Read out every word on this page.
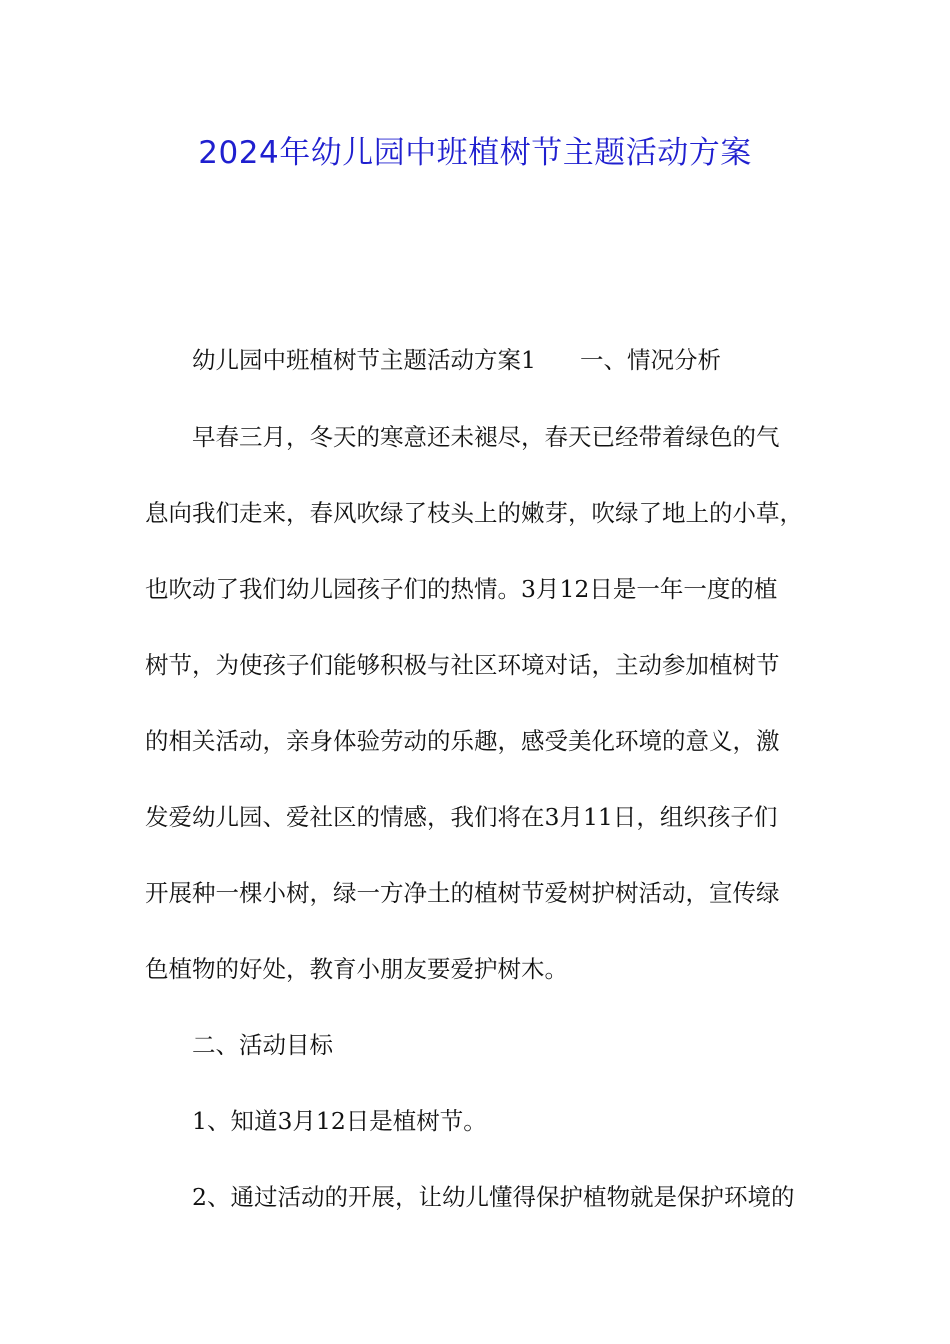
2024年幼儿园中班植树节主题活动方案
幼儿园中班植树节主题活动方案1 一、情况分析
早春三月，冬天的寒意还未褪尽，春天已经带着绿色的气
息向我们走来，春风吹绿了枝头上的嫩芽，吹绿了地上的小草，
也吹动了我们幼儿园孩子们的热情。3月12日是一年一度的植
树节，为使孩子们能够积极与社区环境对话，主动参加植树节
的相关活动，亲身体验劳动的乐趣，感受美化环境的意义，激
发爱幼儿园、爱社区的情感，我们将在3月11日，组织孩子们
开展种一棵小树，绿一方净土的植树节爱树护树活动，宣传绿
色植物的好处，教育小朋友要爱护树木。
二、活动目标
1、知道3月12日是植树节。
2、通过活动的开展，让幼儿懂得保护植物就是保护环境的
